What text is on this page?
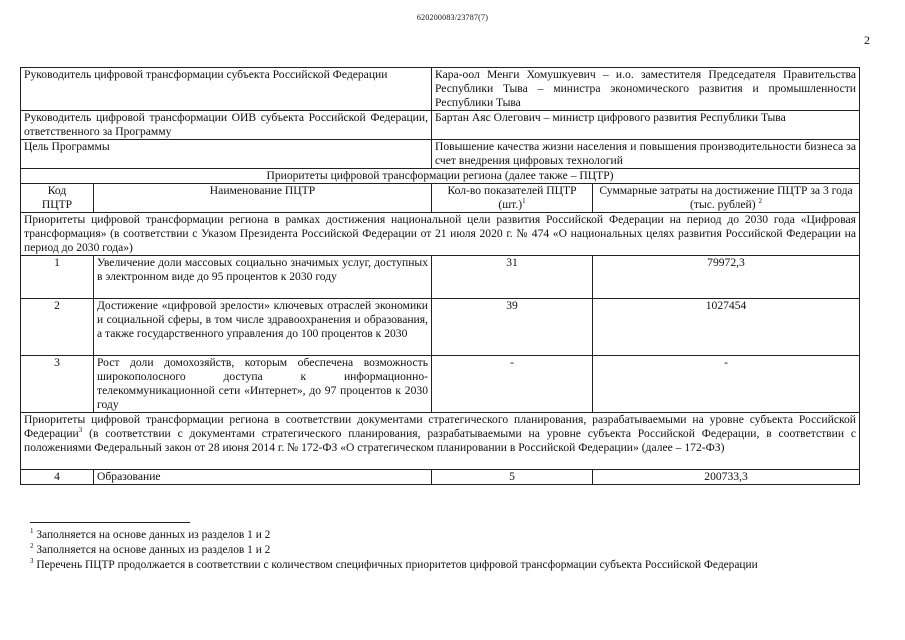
620200083/23787(7)
2
Руководитель цифровой трансформации субъекта Российской Федерации		Кара-оол Менги Хомушкуевич – и.о. заместителя Председателя Правительства Республики Тыва – министра экономического развития и промышленности Республики Тыва	
Руководитель цифровой трансформации ОИВ субъекта Российской Федерации, ответственного за Программу		Бартан Аяс Олегович – министр цифрового развития Республики Тыва	
Цель Программы		Повышение качества жизни населения и повышения производительности бизнеса за счет внедрения цифровых технологий	
Приоритеты цифровой трансформации региона (далее также – ПЦТР)			
Код ПЦТР	Наименование ПЦТР	Кол-во показателей ПЦТР $(шт.)^1$	Суммарные затраты на достижение ПЦТР за 3 года (тыс. рублей) $^2$
Приоритеты цифровой трансформации региона в рамках достижения национальной цели развития Российской Федерации на период до 2030 года «Цифровая трансформация» (в соответствии с Указом Президента Российской Федерации от 21 июля 2020 г. № 474 «О национальных целях развития Российской Федерации на период до 2030 года»)			
1	Увеличение доли массовых социально значимых услуг, доступных в электронном виде до 95 процентов к 2030 году	31	79972,3
2	Достижение «цифровой зрелости» ключевых отраслей экономики и социальной сферы, в том числе здравоохранения и образования, а также государственного управления до 100 процентов к 2030	39	1027454
3	Рост доли домохозяйств, которым обеспечена возможность широкополосного доступа к информационно-телекоммуникационной сети «Интернет», до 97 процентов к 2030 году	-	-
Приоритеты цифровой трансформации региона в соответствии документами стратегического планирования, разрабатываемыми на уровне субъекта Российской Федерации$^3$ (в соответствии с документами стратегического планирования, разрабатываемыми на уровне субъекта Российской Федерации, в соответствии с положениями Федеральный закон от 28 июня 2014 г. № 172-ФЗ «О стратегическом планировании в Российской Федерации» (далее – 172-ФЗ)			
4	Образование	5	200733,3
$^1$ Заполняется на основе данных из разделов 1 и 2
$^2$ Заполняется на основе данных из разделов 1 и 2
$^3$ Перечень ПЦТР продолжается в соответствии с количеством специфичных приоритетов цифровой трансформации субъекта Российской Федерации
